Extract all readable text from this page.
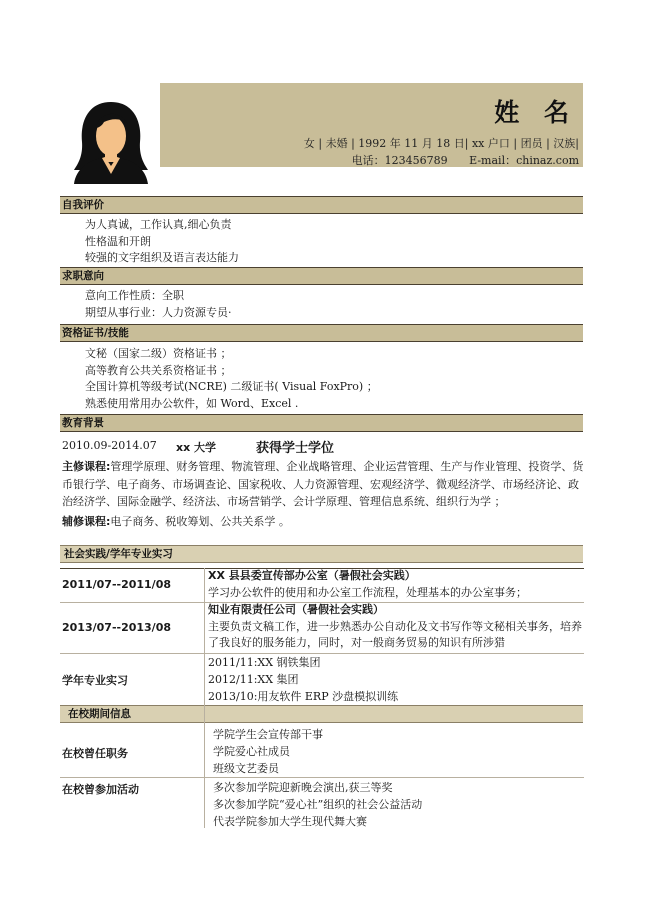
姓 名
女 | 未婚 | 1992 年 11 月 18 日| xx 户口 | 团员 | 汉族|
电话：123456789 E-mail：chinaz.com
自我评价
为人真诚，工作认真,细心负责
性格温和开朗
较强的文字组织及语言表达能力
求职意向
意向工作性质：全职
期望从事行业：人力资源专员·
资格证书/技能
文秘（国家二级）资格证书 ；
高等教育公共关系资格证书 ；
全国计算机等级考试(NCRE) 二级证书( Visual FoxPro) ；
熟悉使用常用办公软件，如 Word、Excel .
教育背景
2010.09-2014.07 xx 大学	获得学士学位
主修课程:管理学原理、财务管理、物流管理、企业战略管理、企业运营管理、生产与作业管理、投资学、货币银行学、电子商务、市场调查论、国家税收、人力资源管理、宏观经济学、微观经济学、市场经济论、政治经济学、国际金融学、经济法、市场营销学、会计学原理、管理信息系统、组织行为学 ；
辅修课程:电子商务、税收筹划、公共关系学 。

社会实践/学年专业实习
2011/07--2011/08
XX 县县委宣传部办公室（暑假社会实践）
学习办公软件的使用和办公室工作流程，处理基本的办公室事务；
2013/07--2013/08
知业有限责任公司（暑假社会实践）
主要负责文稿工作，进一步熟悉办公自动化及文书写作等文秘相关事务，培养了我良好的服务能力，同时，对一般商务贸易的知识有所涉猎
学年专业实习
2011/11:XX 钢铁集团
2012/11:XX 集团
2013/10:用友软件 ERP 沙盘模拟训练
在校期间信息
在校曾任职务
学院学生会宣传部干事
学院爱心社成员
班级文艺委员
在校曾参加活动	多次参加学院迎新晚会演出,获三等奖
多次参加学院“爱心社”组织的社会公益活动
代表学院参加大学生现代舞大赛
